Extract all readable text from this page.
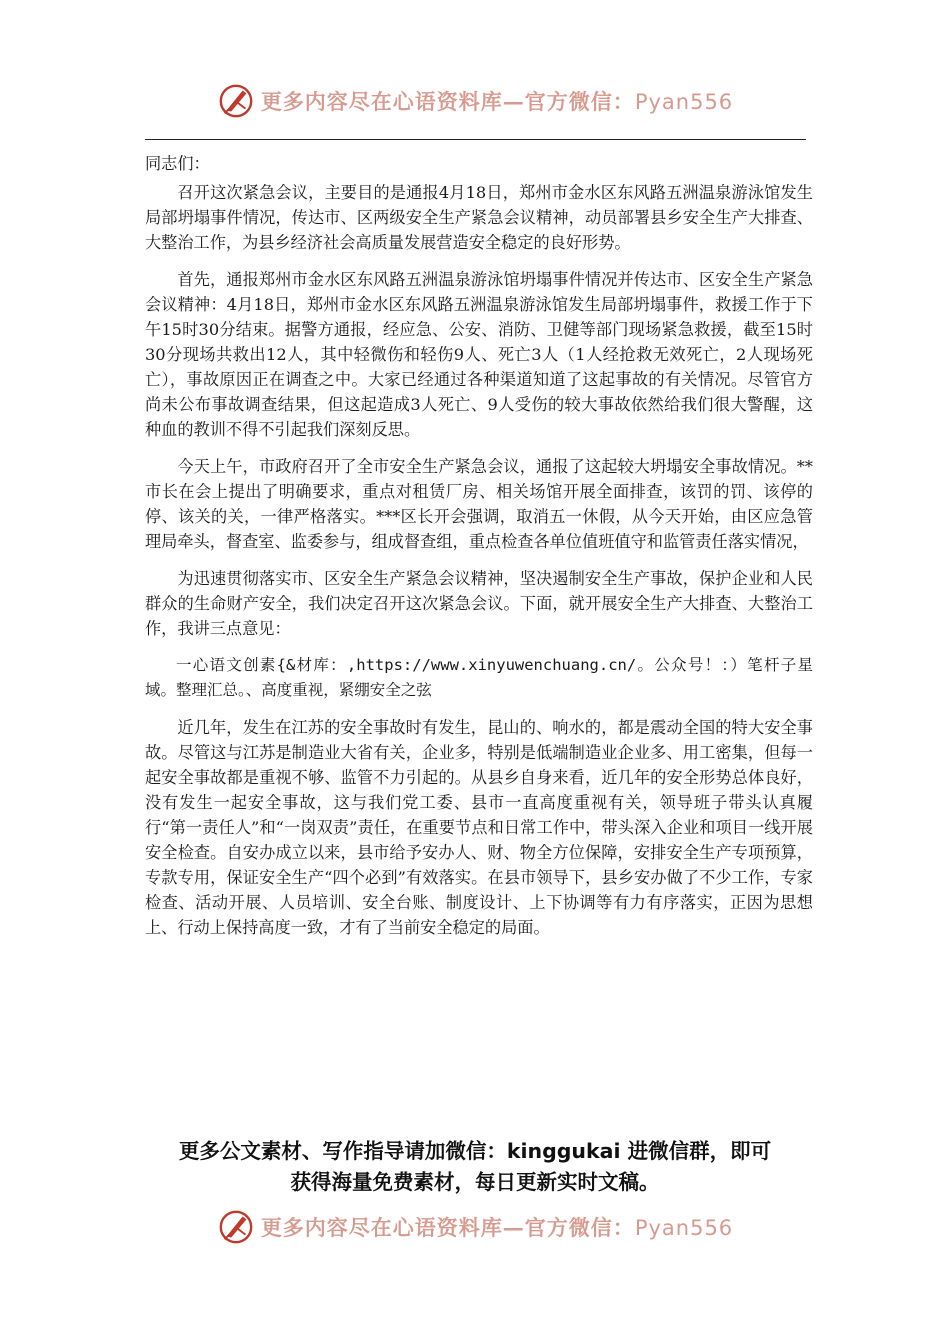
更多内容尽在心语资料库—官方微信：Pyan556

同志们：

召开这次紧急会议，主要目的是通报4月18日，郑州市金水区东风路五洲温泉游泳馆发生局部坍塌事件情况，传达市、区两级安全生产紧急会议精神，动员部署县乡安全生产大排查、大整治工作，为县乡经济社会高质量发展营造安全稳定的良好形势。

首先，通报郑州市金水区东风路五洲温泉游泳馆坍塌事件情况并传达市、区安全生产紧急会议精神：4月18日，郑州市金水区东风路五洲温泉游泳馆发生局部坍塌事件，救援工作于下午15时30分结束。据警方通报，经应急、公安、消防、卫健等部门现场紧急救援，截至15时30分现场共救出12人，其中轻微伤和轻伤9人、死亡3人（1人经抢救无效死亡，2人现场死亡），事故原因正在调查之中。大家已经通过各种渠道知道了这起事故的有关情况。尽管官方尚未公布事故调查结果，但这起造成3人死亡、9人受伤的较大事故依然给我们很大警醒，这种血的教训不得不引起我们深刻反思。

今天上午，市政府召开了全市安全生产紧急会议，通报了这起较大坍塌安全事故情况。**市长在会上提出了明确要求，重点对租赁厂房、相关场馆开展全面排查，该罚的罚、该停的停、该关的关，一律严格落实。***区长开会强调，取消五一休假，从今天开始，由区应急管理局牵头，督查室、监委参与，组成督查组，重点检查各单位值班值守和监管责任落实情况，

为迅速贯彻落实市、区安全生产紧急会议精神，坚决遏制安全生产事故，保护企业和人民群众的生命财产安全，我们决定召开这次紧急会议。下面，就开展安全生产大排查、大整治工作，我讲三点意见：

一心语文创素{&材库：,https://www.xinyuwenchuang.cn/。公众号！：）笔杆子星域。整理汇总。、高度重视，紧绷安全之弦

近几年，发生在江苏的安全事故时有发生，昆山的、响水的，都是震动全国的特大安全事故。尽管这与江苏是制造业大省有关，企业多，特别是低端制造业企业多、用工密集，但每一起安全事故都是重视不够、监管不力引起的。从县乡自身来看，近几年的安全形势总体良好，没有发生一起安全事故，这与我们党工委、县市一直高度重视有关，领导班子带头认真履行“第一责任人”和“一岗双责”责任，在重要节点和日常工作中，带头深入企业和项目一线开展安全检查。自安办成立以来，县市给予安办人、财、物全方位保障，安排安全生产专项预算，专款专用，保证安全生产“四个必到”有效落实。在县市领导下，县乡安办做了不少工作，专家检查、活动开展、人员培训、安全台账、制度设计、上下协调等有力有序落实，正因为思想上、行动上保持高度一致，才有了当前安全稳定的局面。

更多公文素材、写作指导请加微信：kinggukai 进微信群，即可
获得海量免费素材，每日更新实时文稿。
更多内容尽在心语资料库—官方微信：Pyan556
